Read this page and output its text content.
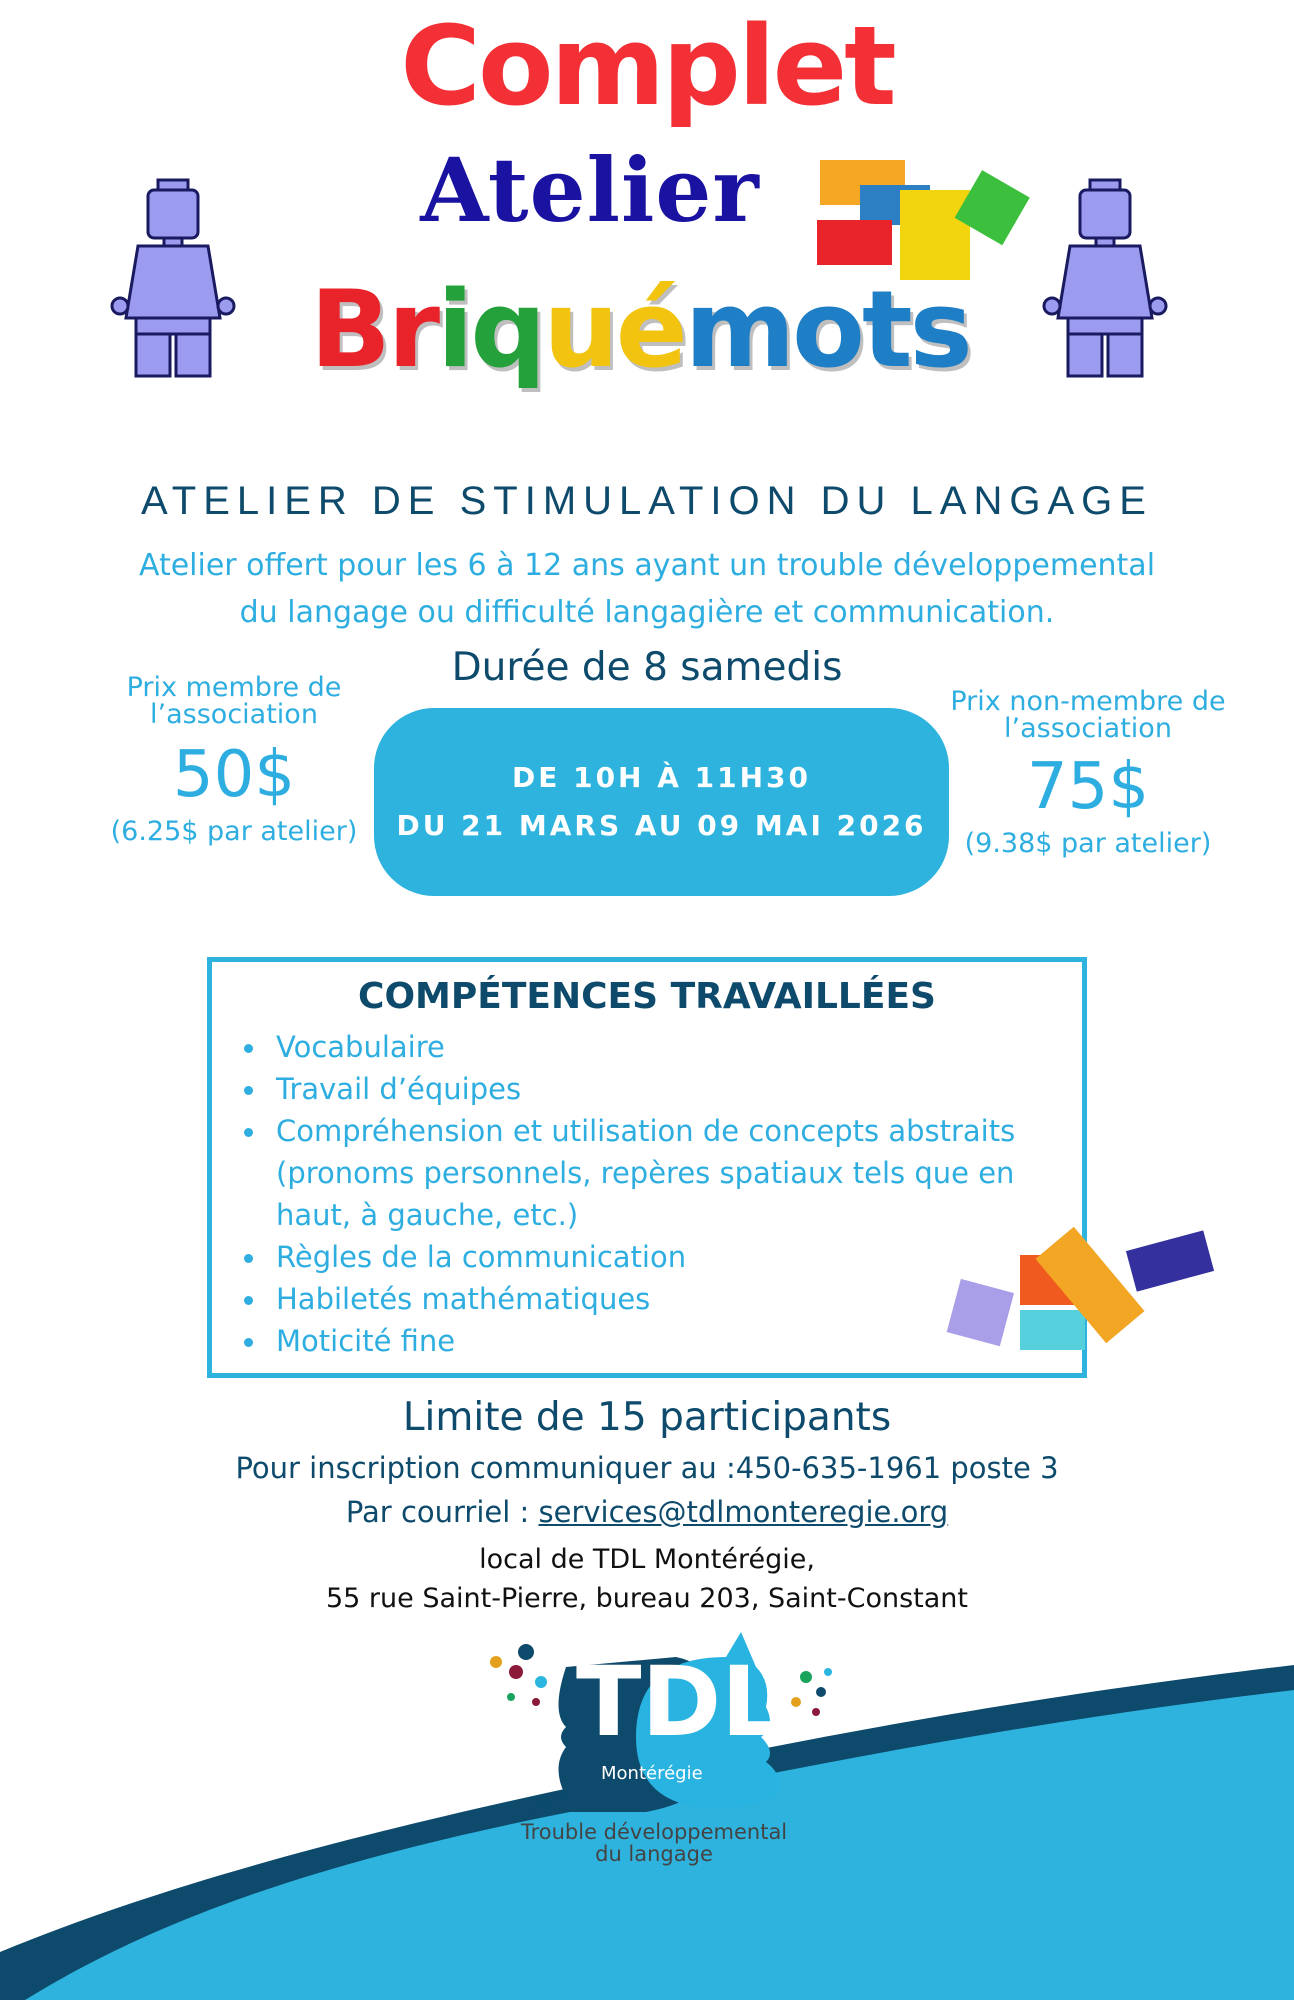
Complet
Atelier
Briquémots
ATELIER DE STIMULATION DU LANGAGE
Atelier offert pour les 6 à 12 ans ayant un trouble développemental
du langage ou difficulté langagière et communication.
Durée de 8 samedis
Prix membre de
l’association
50$
(6.25$ par atelier)
Prix non-membre de
l’association
75$
(9.38$ par atelier)
DE 10H À 11H30
DU 21 MARS AU 09 MAI 2026
COMPÉTENCES TRAVAILLÉES
Vocabulaire
Travail d’équipes
Compréhension et utilisation de concepts abstraits (pronoms personnels, repères spatiaux tels que en haut, à gauche, etc.)
Règles de la communication
Habiletés mathématiques
Moticité fine
Limite de 15 participants
Pour inscription communiquer au :450-635-1961 poste 3
Par courriel : services@tdlmonteregie.org
local de TDL Montérégie,
55 rue Saint-Pierre, bureau 203, Saint-Constant
TDL
Montérégie
Trouble développemental
du langage
